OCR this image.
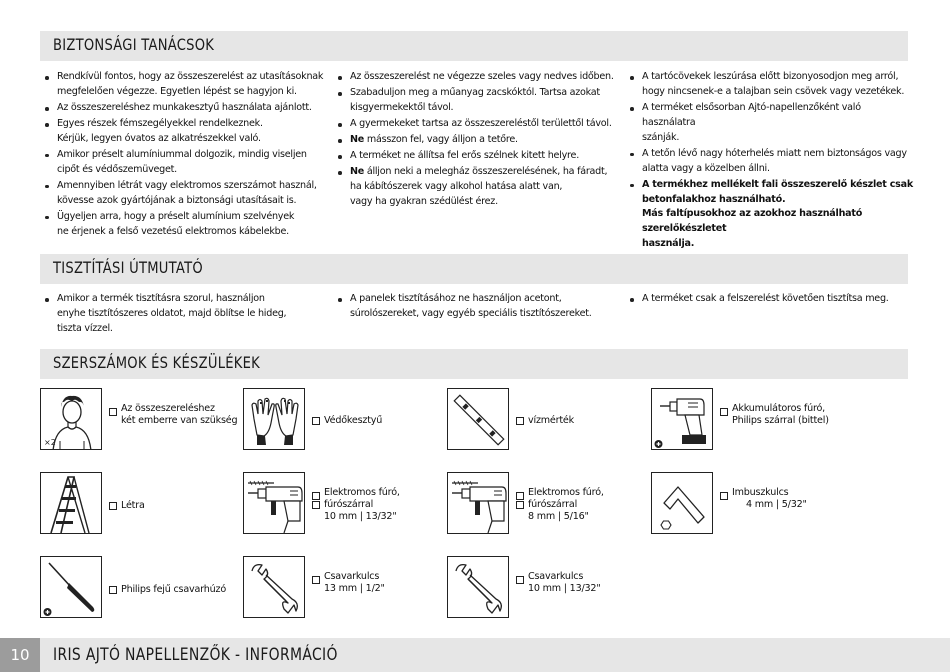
BIZTONSÁGI TANÁCSOK
Rendkívül fontos, hogy az összeszerelést az utasításoknak
megfelelően végezze. Egyetlen lépést se hagyjon ki.
Az összeszereléshez munkakesztyű használata ajánlott.
Egyes részek fémszegélyekkel rendelkeznek.
Kérjük, legyen óvatos az alkatrészekkel való.
Amikor préselt alumíniummal dolgozik, mindig viseljen
cipőt és védőszemüveget.
Amennyiben létrát vagy elektromos szerszámot használ,
kövesse azok gyártójának a biztonsági utasításait is.
Ügyeljen arra, hogy a préselt alumínium szelvények
ne érjenek a felső vezetésű elektromos kábelekbe.
Az összeszerelést ne végezze szeles vagy nedves időben.
Szabaduljon meg a műanyag zacskóktól. Tartsa azokat
kisgyermekektől távol.
A gyermekeket tartsa az összeszereléstől területtől távol.
Ne másszon fel, vagy álljon a tetőre.
A terméket ne állítsa fel erős szélnek kitett helyre.
Ne álljon neki a melegház összeszerelésének, ha fáradt,
ha kábítószerek vagy alkohol hatása alatt van,
vagy ha gyakran szédülést érez.
A tartócövekek leszúrása előtt bizonyosodjon meg arról,
hogy nincsenek-e a talajban sein csövek vagy vezetékek.
A terméket elsősorban Ajtó-napellenzőként való használatra
szánják.
A tetőn lévő nagy hóterhelés miatt nem biztonságos vagy
alatta vagy a közelben állni.
A termékhez mellékelt fali összeszerelő készlet csak
betonfalakhoz használható.
Más faltípusokhoz az azokhoz használható szerelőkészletet
használja.
TISZTÍTÁSI ÚTMUTATÓ
Amikor a termék tisztításra szorul, használjon
enyhe tisztítószeres oldatot, majd öblítse le hideg,
tiszta vízzel.
A panelek tisztításához ne használjon acetont,
súrolószereket, vagy egyéb speciális tisztítószereket.
A terméket csak a felszerelést követően tisztítsa meg.
SZERSZÁMOK ÉS KÉSZÜLÉKEK
×2
Az összeszereléshez
két emberre van szükség	Védőkesztyű	vízmérték
Akkumulátoros fúró,
Philips szárral (bittel)
Létra
Elektromos fúró,
fúrószárral
10 mm | 13/32"
Elektromos fúró,
fúrószárral
8 mm | 5/16"
Imbuszkulcs
4 mm | 5/32"
Philips fejű csavarhúzó
Csavarkulcs
13 mm | 1/2"
Csavarkulcs
10 mm | 13/32"
10	IRIS AJTÓ NAPELLENZŐK - INFORMÁCIÓ
